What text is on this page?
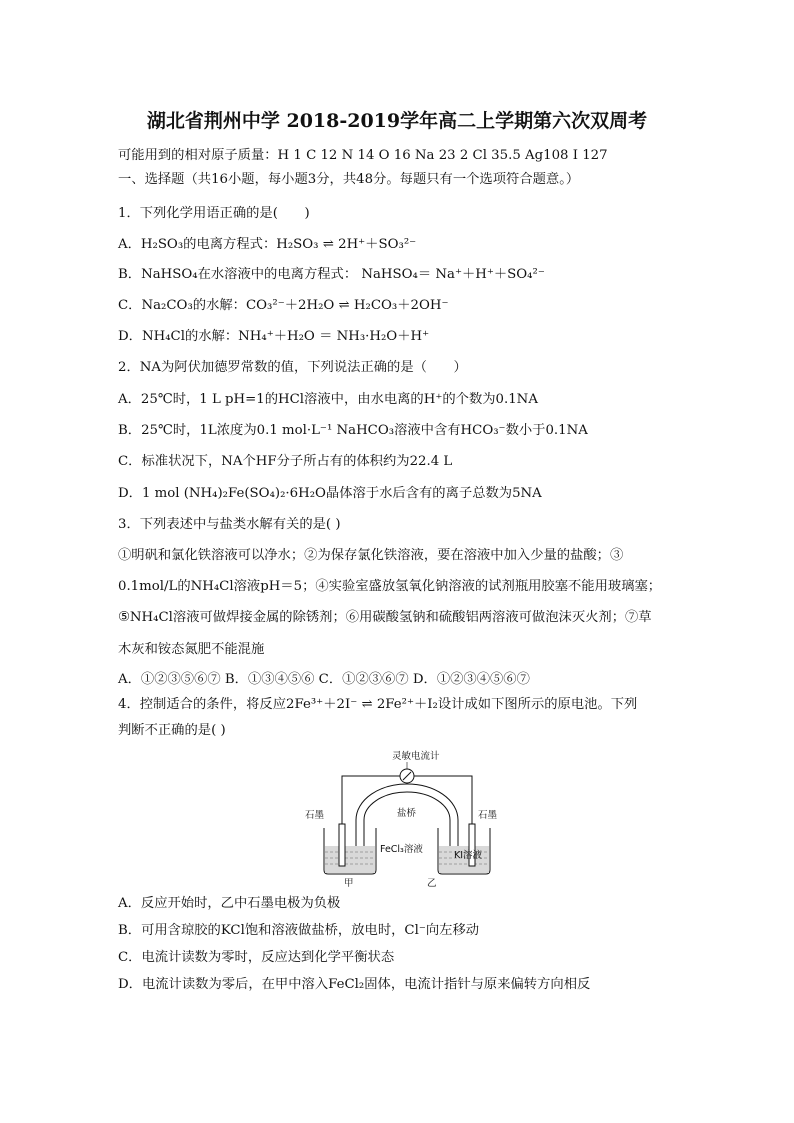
湖北省荆州中学 2018-2019学年高二上学期第六次双周考
可能用到的相对原子质量：H 1 C 12 N 14 O 16 Na 23 2 Cl 35.5 Ag108 I 127
一、选择题（共16小题，每小题3分，共48分。每题只有一个选项符合题意。）
1．下列化学用语正确的是(　　)
A．H₂SO₃的电离方程式：H₂SO₃ ⇌ 2H⁺＋SO₃²⁻
B．NaHSO₄在水溶液中的电离方程式： NaHSO₄＝ Na⁺＋H⁺＋SO₄²⁻
C．Na₂CO₃的水解：CO₃²⁻＋2H₂O ⇌ H₂CO₃＋2OH⁻
D．NH₄Cl的水解：NH₄⁺＋H₂O ＝ NH₃·H₂O＋H⁺
2．NA为阿伏加德罗常数的值，下列说法正确的是（　　）
A．25℃时，1 L pH=1的HCl溶液中，由水电离的H⁺的个数为0.1NA
B．25℃时，1L浓度为0.1 mol·L⁻¹ NaHCO₃溶液中含有HCO₃⁻数小于0.1NA
C．标准状况下，NA个HF分子所占有的体积约为22.4 L
D．1 mol (NH₄)₂Fe(SO₄)₂·6H₂O晶体溶于水后含有的离子总数为5NA
3．下列表述中与盐类水解有关的是( )
①明矾和氯化铁溶液可以净水；②为保存氯化铁溶液，要在溶液中加入少量的盐酸；③
0.1mol/L的NH₄Cl溶液pH＝5；④实验室盛放氢氧化钠溶液的试剂瓶用胶塞不能用玻璃塞；
⑤NH₄Cl溶液可做焊接金属的除锈剂；⑥用碳酸氢钠和硫酸铝两溶液可做泡沫灭火剂；⑦草
木灰和铵态氮肥不能混施
A．①②③⑤⑥⑦ B．①③④⑤⑥ C．①②③⑥⑦ D．①②③④⑤⑥⑦
4．控制适合的条件，将反应2Fe³⁺＋2I⁻ ⇌ 2Fe²⁺＋I₂设计成如下图所示的原电池。下列
判断不正确的是( )
灵敏电流计
盐桥
石墨	石墨
FeCl₃溶液
KI溶液
甲	乙
A．反应开始时，乙中石墨电极为负极
B．可用含琼胶的KCl饱和溶液做盐桥，放电时，Cl⁻向左移动
C．电流计读数为零时，反应达到化学平衡状态
D．电流计读数为零后，在甲中溶入FeCl₂固体，电流计指针与原来偏转方向相反
